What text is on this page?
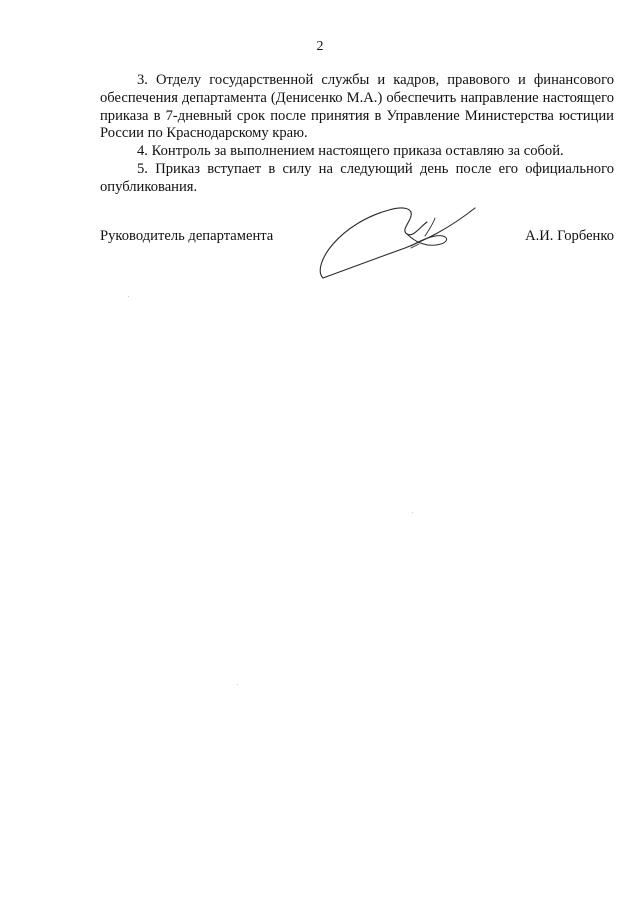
2

3. Отделу государственной службы и кадров, правового и финансового обеспечения департамента (Денисенко М.А.) обеспечить направление настоящего приказа в 7-дневный срок после принятия в Управление Министерства юстиции России по Краснодарскому краю.

4. Контроль за выполнением настоящего приказа оставляю за собой.

5. Приказ вступает в силу на следующий день после его официального опубликования.

Руководитель департамента	А.И. Горбенко
